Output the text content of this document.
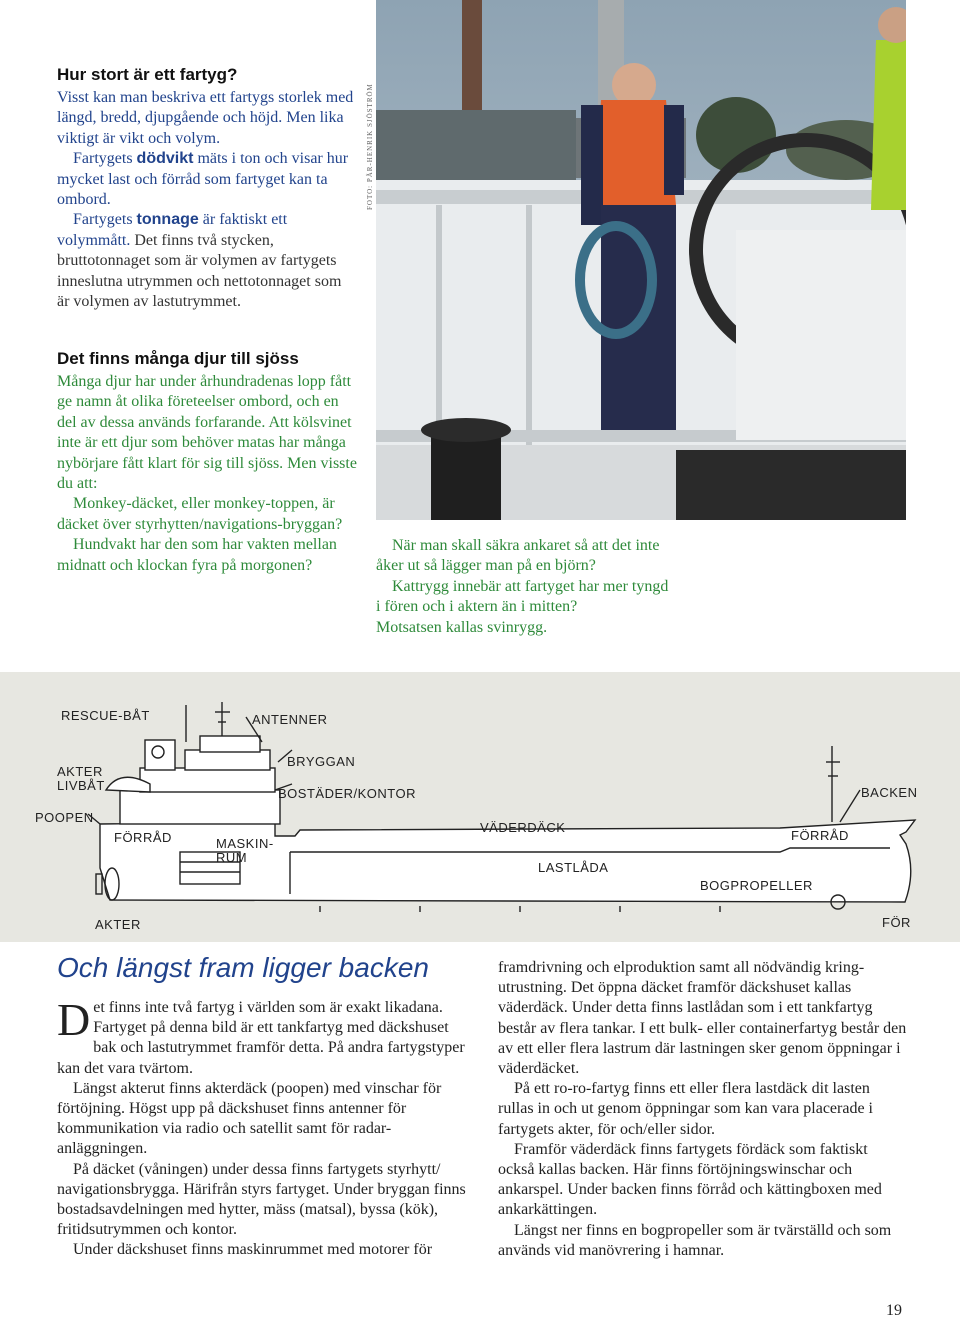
Hur stort är ett fartyg?

Visst kan man beskriva ett fartygs storlek med längd, bredd, djupgående och höjd. Men lika viktigt är vikt och volym.

Fartygets dödvikt mäts i ton och visar hur mycket last och förråd som fartyget kan ta ombord.

Fartygets tonnage är faktiskt ett volymmått. Det finns två stycken, bruttotonnaget som är volymen av fartygets inneslutna utrymmen och nettotonnaget som är volymen av lastutrymmet.

Det finns många djur till sjöss

Många djur har under århundradenas lopp fått ge namn åt olika företeelser ombord, och en del av dessa används forfarande. Att kölsvinet inte är ett djur som behöver matas har många nybörjare fått klart för sig till sjöss. Men visste du att:

Monkey-däcket, eller monkey-toppen, är däcket över styrhytten/navigations-bryggan?

Hundvakt har den som har vakten mellan midnatt och klockan fyra på morgonen?

FOTO: PÄR-HENRIK SJÖSTRÖM

När man skall säkra ankaret så att det inte åker ut så lägger man på en björn?

Kattrygg innebär att fartyget har mer tyngd i fören och i aktern än i mitten?

Motsatsen kallas svinrygg.

RESCUE-BÅT	ANTENNER
AKTER
LIVBÅT
BRYGGAN
BOSTÄDER/KONTOR	BACKEN
POOPEN
FÖRRÅD	MASKIN-
RUM
VÄDERDÄCK
FÖRRÅD
LASTLÅDA
BOGPROPELLER
AKTER	FÖR
Och längst fram ligger backen

Det finns inte två fartyg i världen som är exakt likadana. Fartyget på denna bild är ett tankfartyg med däckshuset bak och lastutrymmet framför detta. På andra fartygstyper kan det vara tvärtom.

Längst akterut finns akterdäck (poopen) med vinschar för förtöjning. Högst upp på däckshuset finns antenner för kommunikation via radio och satellit samt för radar-anläggningen.

På däcket (våningen) under dessa finns fartygets styrhytt/ navigationsbrygga. Härifrån styrs fartyget. Under bryggan finns bostadsavdelningen med hytter, mäss (matsal), byssa (kök), fritidsutrymmen och kontor.

Under däckshuset finns maskinrummet med motorer för

framdrivning och elproduktion samt all nödvändig kring-utrustning. Det öppna däcket framför däckshuset kallas väderdäck. Under detta finns lastlådan som i ett tankfartyg består av flera tankar. I ett bulk- eller containerfartyg består den av ett eller flera lastrum där lastningen sker genom öppningar i väderdäcket.

På ett ro-ro-fartyg finns ett eller flera lastdäck dit lasten rullas in och ut genom öppningar som kan vara placerade i fartygets akter, för och/eller sidor.

Framför väderdäck finns fartygets fördäck som faktiskt också kallas backen. Här finns förtöjningswinschar och ankarspel. Under backen finns förråd och kättingboxen med ankarkättingen.

Längst ner finns en bogpropeller som är tvärställd och som används vid manövrering i hamnar.

19
